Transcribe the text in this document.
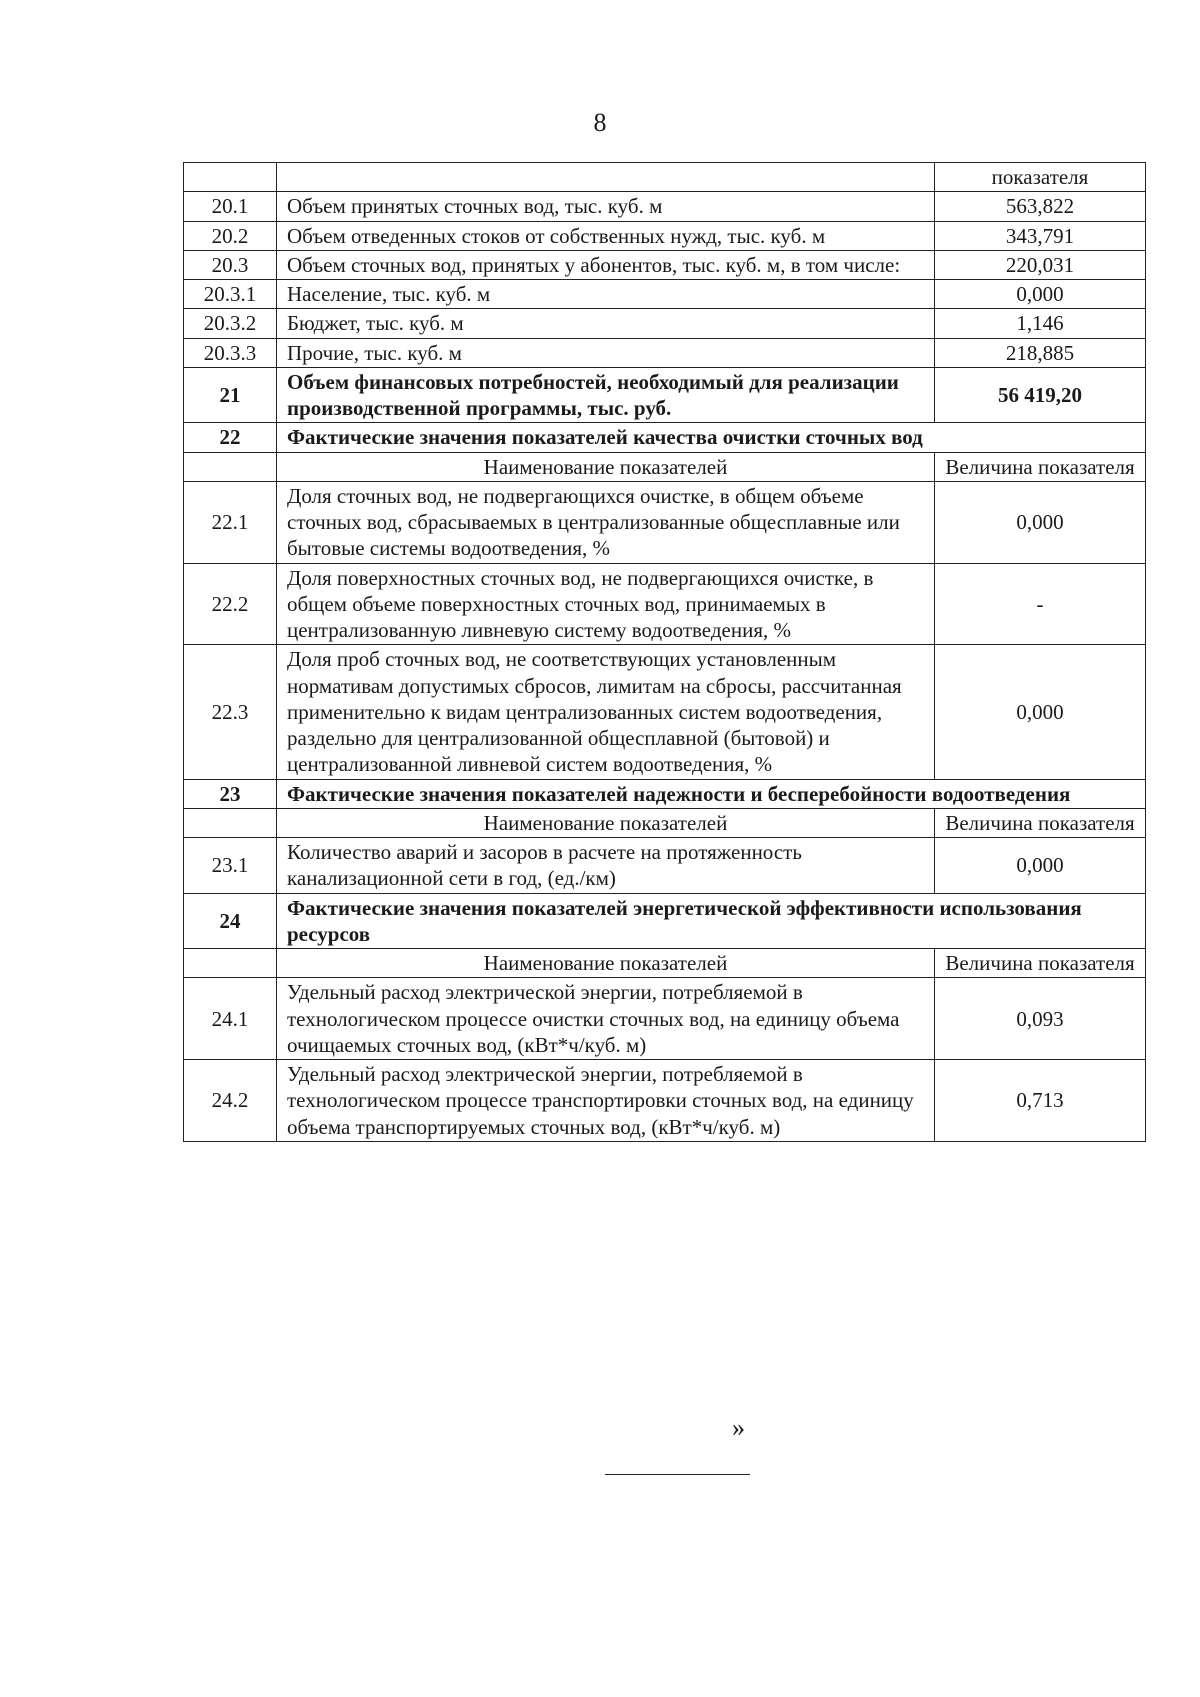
8
		показателя
20.1	Объем принятых сточных вод, тыс. куб. м	563,822
20.2	Объем отведенных стоков от собственных нужд, тыс. куб. м	343,791
20.3	Объем сточных вод, принятых у абонентов, тыс. куб. м, в том числе:	220,031
20.3.1	Население, тыс. куб. м	0,000
20.3.2	Бюджет, тыс. куб. м	1,146
20.3.3	Прочие, тыс. куб. м	218,885
21	Объем финансовых потребностей, необходимый для реализации производственной программы, тыс. руб.	56 419,20
22	Фактические значения показателей качества очистки сточных вод	
	Наименование показателей	Величина показателя
22.1	Доля сточных вод, не подвергающихся очистке, в общем объеме сточных вод, сбрасываемых в централизованные общесплавные или бытовые системы водоотведения, %	0,000
22.2	Доля поверхностных сточных вод, не подвергающихся очистке, в общем объеме поверхностных сточных вод, принимаемых в централизованную ливневую систему водоотведения, %	-
22.3	Доля проб сточных вод, не соответствующих установленным нормативам допустимых сбросов, лимитам на сбросы, рассчитанная применительно к видам централизованных систем водоотведения, раздельно для централизованной общесплавной (бытовой) и централизованной ливневой систем водоотведения, %	0,000
23	Фактические значения показателей надежности и бесперебойности водоотведения	
	Наименование показателей	Величина показателя
23.1	Количество аварий и засоров в расчете на протяженность канализационной сети в год, (ед./км)	0,000
24	Фактические значения показателей энергетической эффективности использования ресурсов	
	Наименование показателей	Величина показателя
24.1	Удельный расход электрической энергии, потребляемой в технологическом процессе очистки сточных вод, на единицу объема очищаемых сточных вод, (кВт*ч/куб. м)	0,093
24.2	Удельный расход электрической энергии, потребляемой в технологическом процессе транспортировки сточных вод, на единицу объема транспортируемых сточных вод, (кВт*ч/куб. м)	0,713
»
